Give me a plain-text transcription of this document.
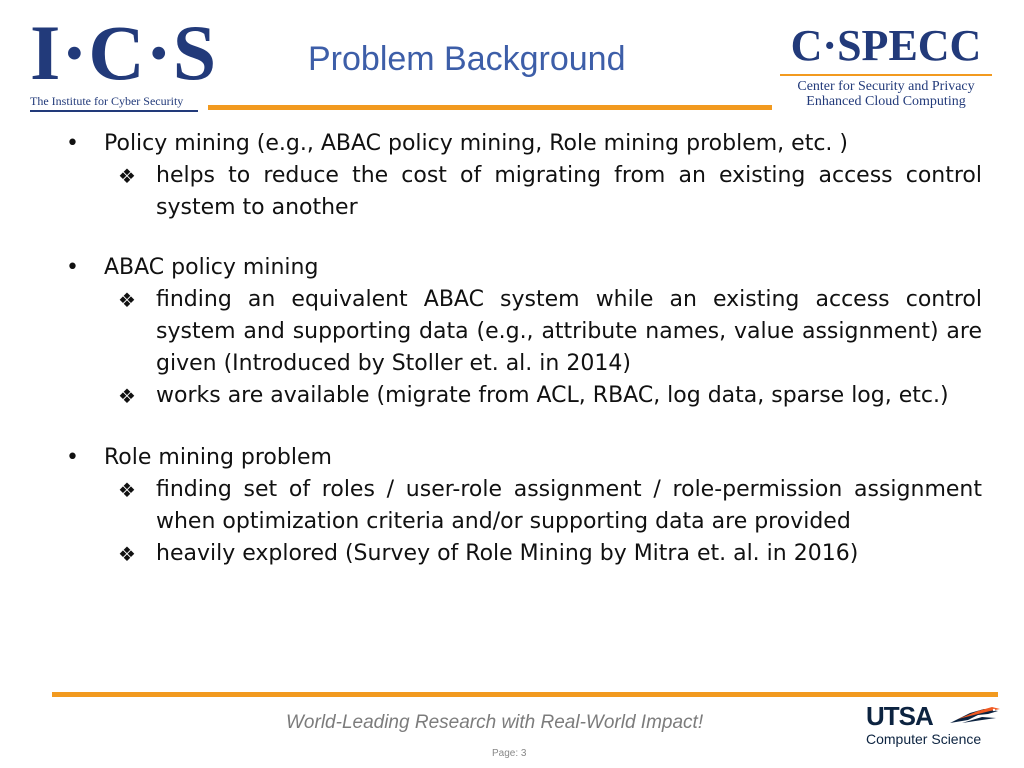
I·C·S
The Institute for Cyber Security
Problem Background	C·SPECC
Center for Security and Privacy
Enhanced Cloud Computing
• Policy mining (e.g., ABAC policy mining, Role mining problem, etc. )
❖ helps to reduce the cost of migrating from an existing access control system to another
• ABAC policy mining
❖ finding an equivalent ABAC system while an existing access control system and supporting data (e.g., attribute names, value assignment) are given (Introduced by Stoller et. al. in 2014)
❖ works are available (migrate from ACL, RBAC, log data, sparse log, etc.)
• Role mining problem
❖ finding set of roles / user-role assignment / role-permission assignment when optimization criteria and/or supporting data are provided
❖ heavily explored (Survey of Role Mining by Mitra et. al. in 2016)
World-Leading Research with Real-World Impact!
Page: 3
UTSA
Computer Science
